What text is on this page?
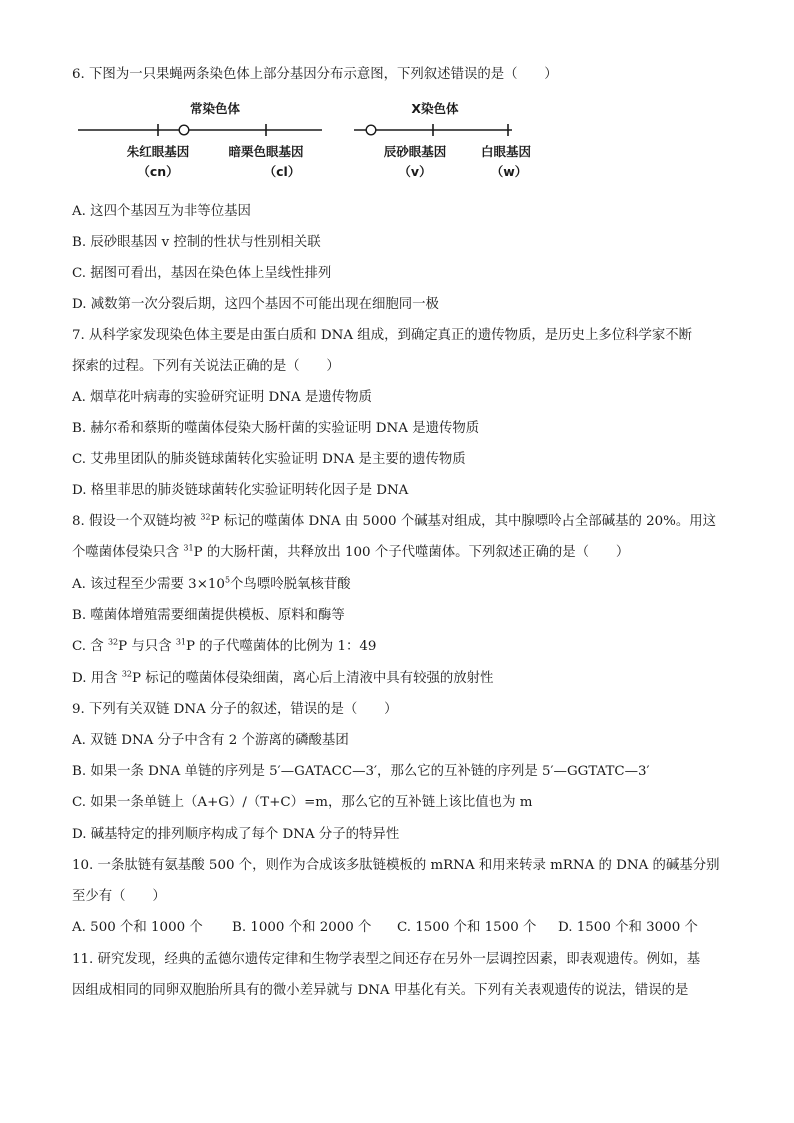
6. 下图为一只果蝇两条染色体上部分基因分布示意图，下列叙述错误的是（　　）
常染色体	X染色体
朱红眼基因
（cn）
暗栗色眼基因
（cl）
辰砂眼基因
（v）
白眼基因
（w）
A. 这四个基因互为非等位基因
B. 辰砂眼基因 v 控制的性状与性别相关联
C. 据图可看出，基因在染色体上呈线性排列
D. 减数第一次分裂后期，这四个基因不可能出现在细胞同一极
7. 从科学家发现染色体主要是由蛋白质和 DNA 组成，到确定真正的遗传物质，是历史上多位科学家不断
探索的过程。下列有关说法正确的是（　　）
A. 烟草花叶病毒的实验研究证明 DNA 是遗传物质
B. 赫尔希和蔡斯的噬菌体侵染大肠杆菌的实验证明 DNA 是遗传物质
C. 艾弗里团队的肺炎链球菌转化实验证明 DNA 是主要的遗传物质
D. 格里菲思的肺炎链球菌转化实验证明转化因子是 DNA
8. 假设一个双链均被 $^{32}$P 标记的噬菌体 DNA 由 5000 个碱基对组成，其中腺嘌呤占全部碱基的 20%。用这
个噬菌体侵染只含 $^{31}$P 的大肠杆菌，共释放出 100 个子代噬菌体。下列叙述正确的是（　　）
A. 该过程至少需要 $3\times 10^5$个鸟嘌呤脱氧核苷酸
B. 噬菌体增殖需要细菌提供模板、原料和酶等
C. 含 $^{32}$P 与只含 $^{31}$P 的子代噬菌体的比例为 1：49
D. 用含 $^{32}$P 标记的噬菌体侵染细菌，离心后上清液中具有较强的放射性
9. 下列有关双链 DNA 分子的叙述，错误的是（　　）
A. 双链 DNA 分子中含有 2 个游离的磷酸基团
B. 如果一条 DNA 单链的序列是 5′—GATACC—3′，那么它的互补链的序列是 5′—GGTATC—3′
C. 如果一条单链上（A+G）/（T+C）=m，那么它的互补链上该比值也为 m
D. 碱基特定的排列顺序构成了每个 DNA 分子的特异性
10. 一条肽链有氨基酸 500 个，则作为合成该多肽链模板的 mRNA 和用来转录 mRNA 的 DNA 的碱基分别
至少有（　　）
A. 500 个和 1000 个 B. 1000 个和 2000 个 C. 1500 个和 1500 个 D. 1500 个和 3000 个
11. 研究发现，经典的孟德尔遗传定律和生物学表型之间还存在另外一层调控因素，即表观遗传。例如，基
因组成相同的同卵双胞胎所具有的微小差异就与 DNA 甲基化有关。下列有关表观遗传的说法，错误的是
